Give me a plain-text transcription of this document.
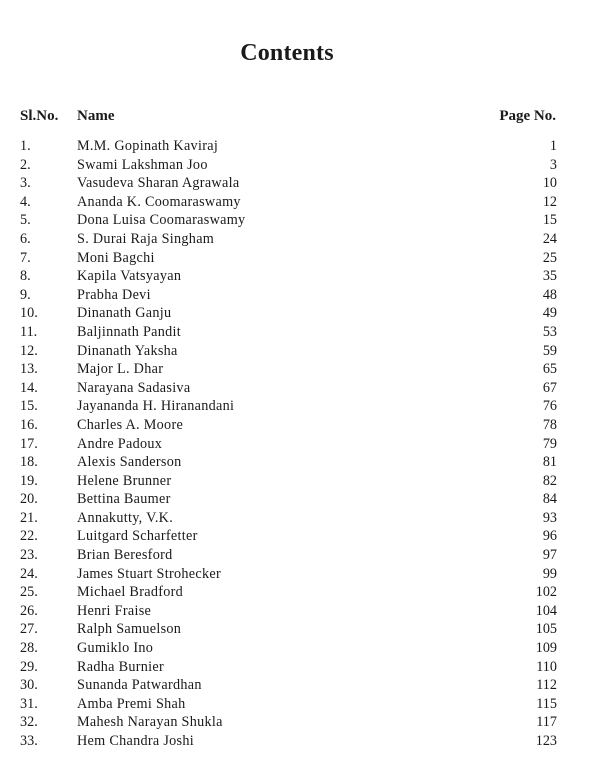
Contents
Sl.No. Name	Page No.
1.	M.M. Gopinath Kaviraj	1
2.	Swami Lakshman Joo	3
3.	Vasudeva Sharan Agrawala	10
4.	Ananda K. Coomaraswamy	12
5.	Dona Luisa Coomaraswamy	15
6.	S. Durai Raja Singham	24
7.	Moni Bagchi	25
8.	Kapila Vatsyayan	35
9.	Prabha Devi	48
10.	Dinanath Ganju	49
11.	Baljinnath Pandit	53
12.	Dinanath Yaksha	59
13.	Major L. Dhar	65
14.	Narayana Sadasiva	67
15.	Jayananda H. Hiranandani	76
16.	Charles A. Moore	78
17.	Andre Padoux	79
18.	Alexis Sanderson	81
19.	Helene Brunner	82
20.	Bettina Baumer	84
21.	Annakutty, V.K.	93
22.	Luitgard Scharfetter	96
23.	Brian Beresford	97
24.	James Stuart Strohecker	99
25.	Michael Bradford	102
26.	Henri Fraise	104
27.	Ralph Samuelson	105
28.	Gumiklo Ino	109
29.	Radha Burnier	110
30.	Sunanda Patwardhan	112
31.	Amba Premi Shah	115
32.	Mahesh Narayan Shukla	117
33.	Hem Chandra Joshi	123
